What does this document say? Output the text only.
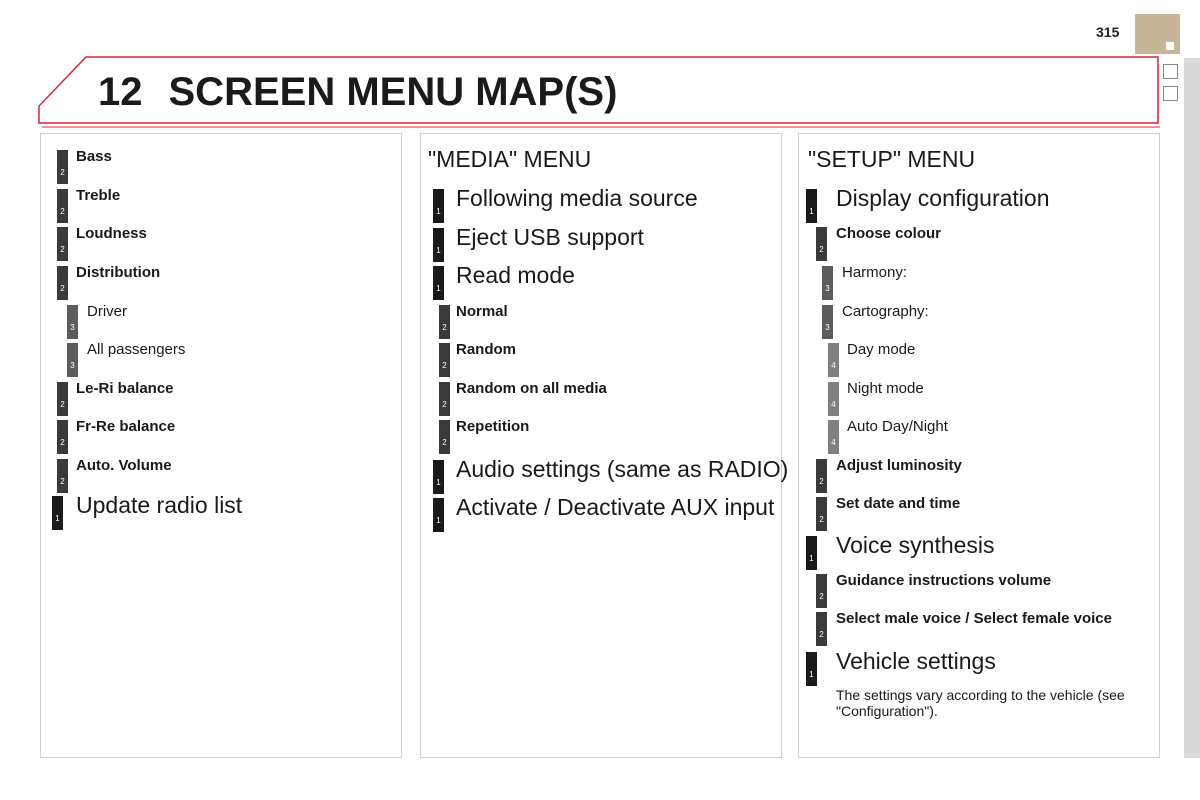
315
12 SCREEN MENU MAP(S)
"MEDIA" MENU	"SETUP" MENU
2
Bass
2
Treble
2
Loudness
2
Distribution
3
Driver
3
All passengers
2
Le-Ri balance
2
Fr-Re balance
2
Auto. Volume
1 Update radio list
1 Following media source
1 Eject USB support
1 Read mode
2
Normal
2
Random
2
Random on all media
2
Repetition
1 Audio settings (same as RADIO)
1 Activate / Deactivate AUX input
1 Display configuration
2
Choose colour
3
Harmony:
3
Cartography:
4
Day mode
4
Night mode
4
Auto Day/Night
2
Adjust luminosity
2
Set date and time
1 Voice synthesis
2
Guidance instructions volume
2
Select male voice / Select female voice
1 Vehicle settings
The settings vary according to the vehicle (see "Configuration").
